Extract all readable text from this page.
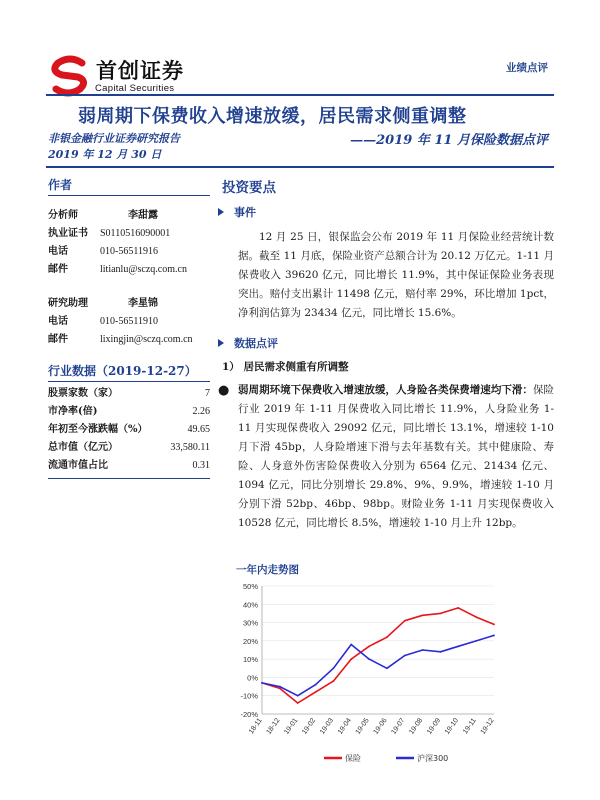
首创证券
Capital Securities
业绩点评
弱周期下保费收入增速放缓，居民需求侧重调整
非银金融行业证券研究报告
2019 年 12 月 30 日
——2019 年 11 月保险数据点评
作者
分析师	李甜露
执业证书	S0110516090001
电话	010-56511916
邮件	litianlu@sczq.com.cn
研究助理	李星锦
电话	010-56511910
邮件	lixingjin@sczq.com.cn
行业数据（2019-12-27）
股票家数（家）	7
市净率(倍)	2.26
年初至今涨跌幅（%）	49.65
总市值（亿元）	33,580.11
流通市值占比	0.31
投资要点
事件
12 月 25 日，银保监会公布 2019 年 11 月保险业经营统计数据。截至 11 月底，保险业资产总额合计为 20.12 万亿元。1-11 月保费收入 39620 亿元，同比增长 11.9%，其中保证保险业务表现突出。赔付支出累计 11498 亿元，赔付率 29%，环比增加 1pct，净利润估算为 23434 亿元，同比增长 15.6%。
数据点评
1） 居民需求侧重有所调整
● 弱周期环境下保费收入增速放缓，人身险各类保费增速均下滑：保险行业 2019 年 1-11 月保费收入同比增长 11.9%，人身险业务 1-11 月实现保费收入 29092 亿元，同比增长 13.1%，增速较 1-10 月下滑 45bp，人身险增速下滑与去年基数有关。其中健康险、寿险、人身意外伤害险保费收入分别为 6564 亿元、21434 亿元、1094 亿元，同比分别增长 29.8%、9%、9.9%，增速较 1-10 月分别下滑 52bp、46bp、98bp。财险业务 1-11 月实现保费收入 10528 亿元，同比增长 8.5%，增速较 1-10 月上升 12bp。
一年内走势图
-20%
-10%
0%
10%
20%
30%
40%
50%
18-11 18-12 19-01 19-02 19-03 19-04 19-05 19-06 19-07 19-08 19-09 19-10 19-11 19-12
保险	沪深300
